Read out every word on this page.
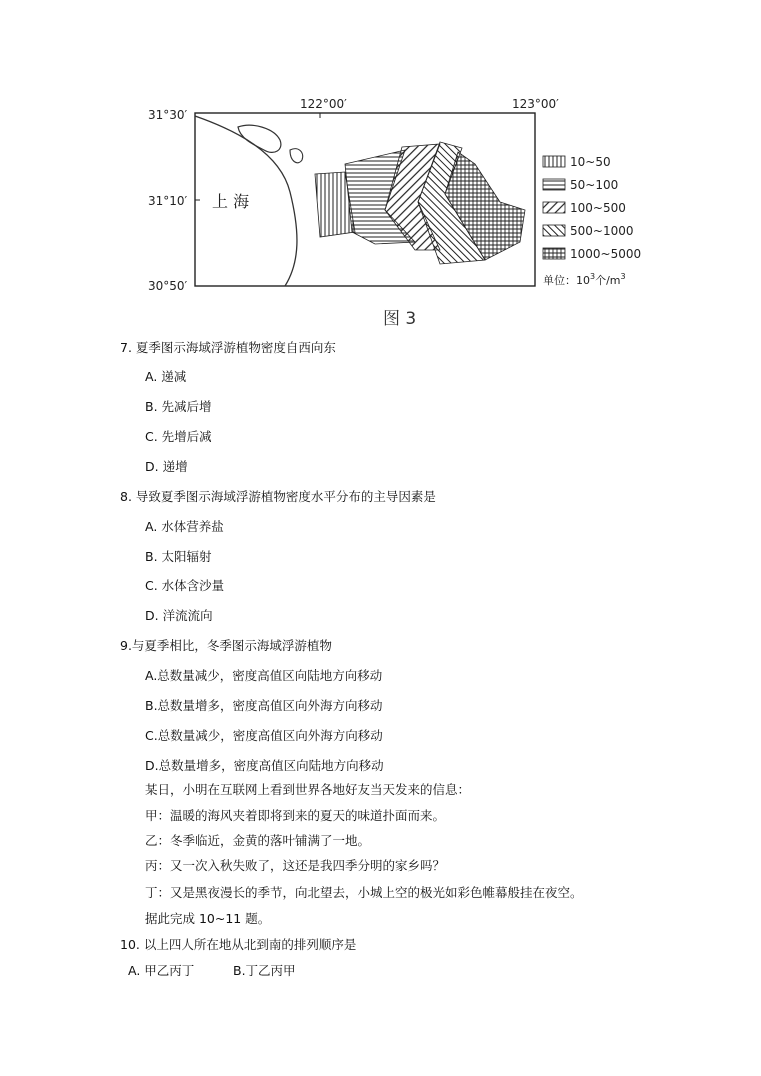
31°30′
31°10′
30°50′
122°00′	123°00′
上 海
10~50
50~100
100~500
500~1000
1000~5000
单位：$10^3$个$/m^3$
图 3
7. 夏季图示海域浮游植物密度自西向东
A. 递减
B. 先减后增
C. 先增后减
D. 递增
8. 导致夏季图示海域浮游植物密度水平分布的主导因素是
A. 水体营养盐
B. 太阳辐射
C. 水体含沙量
D. 洋流流向
9.与夏季相比，冬季图示海域浮游植物
A.总数量减少，密度高值区向陆地方向移动
B.总数量增多，密度高值区向外海方向移动
C.总数量减少，密度高值区向外海方向移动
D.总数量增多，密度高值区向陆地方向移动
某日，小明在互联网上看到世界各地好友当天发来的信息：
甲：温暖的海风夹着即将到来的夏天的味道扑面而来。
乙：冬季临近，金黄的落叶铺满了一地。
丙：又一次入秋失败了，这还是我四季分明的家乡吗？
丁：又是黑夜漫长的季节，向北望去，小城上空的极光如彩色帷幕般挂在夜空。
据此完成 10~11 题。
10. 以上四人所在地从北到南的排列顺序是
A. 甲乙丙丁	B.丁乙丙甲
